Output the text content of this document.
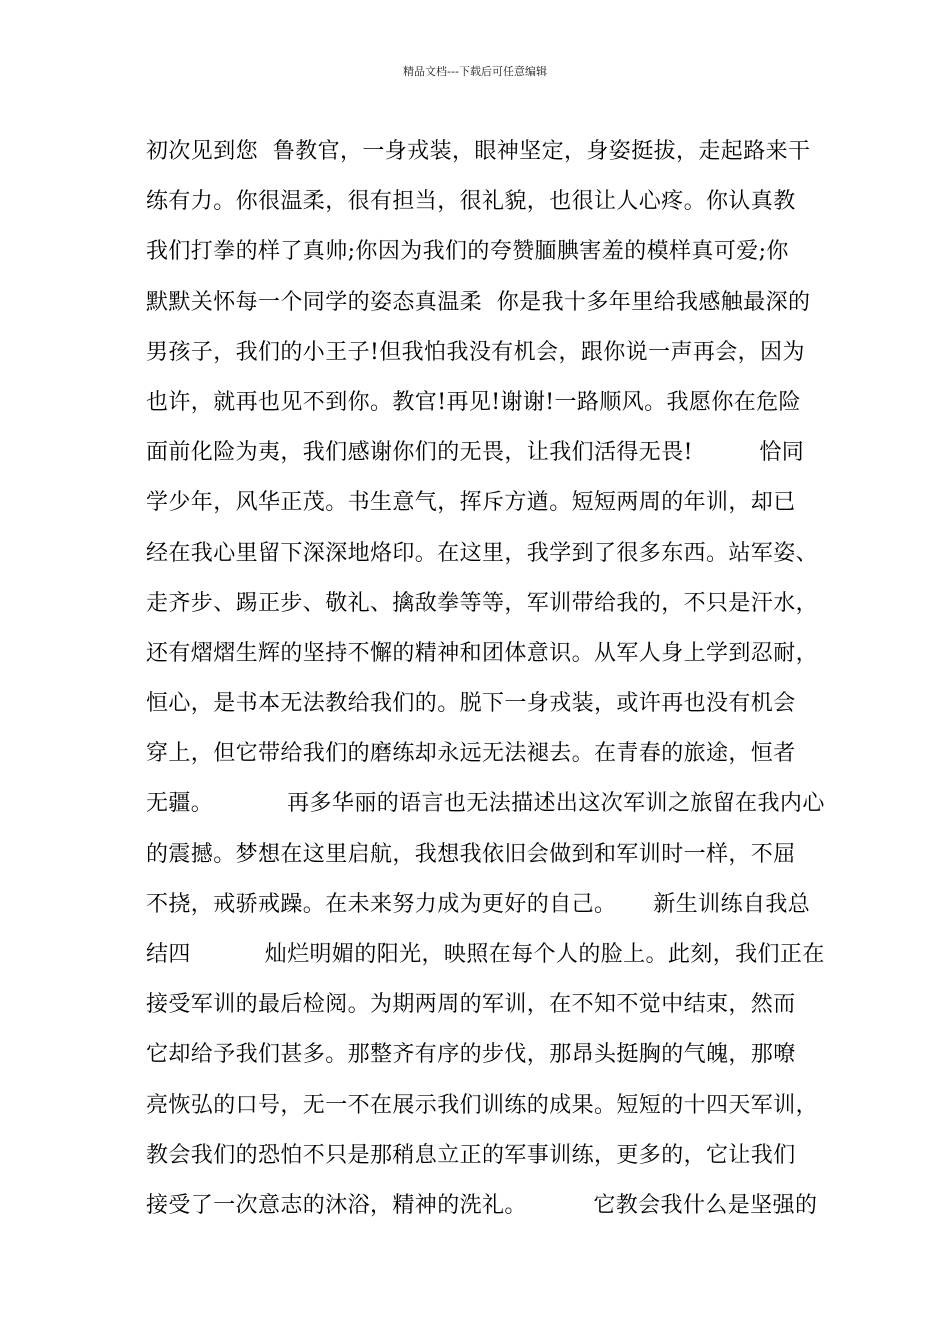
精品文档---下载后可任意编辑
初次见到您  鲁教官，一身戎装，眼神坚定，身姿挺拔，走起路来干
练有力。你很温柔，很有担当，很礼貌，也很让人心疼。你认真教
我们打拳的样了真帅;你因为我们的夸赞腼腆害羞的模样真可爱;你
默默关怀每一个同学的姿态真温柔  你是我十多年里给我感触最深的
男孩子，我们的小王子!但我怕我没有机会，跟你说一声再会，因为
也许，就再也见不到你。教官!再见!谢谢!一路顺风。我愿你在危险
面前化险为夷，我们感谢你们的无畏，让我们活得无畏!         恰同
学少年，风华正茂。书生意气，挥斥方遒。短短两周的年训，却已
经在我心里留下深深地烙印。在这里，我学到了很多东西。站军姿、
走齐步、踢正步、敬礼、擒敌拳等等，军训带给我的，不只是汗水，
还有熠熠生辉的坚持不懈的精神和团体意识。从军人身上学到忍耐，
恒心，是书本无法教给我们的。脱下一身戎装，或许再也没有机会
穿上，但它带给我们的磨练却永远无法褪去。在青春的旅途，恒者
无疆。          再多华丽的语言也无法描述出这次军训之旅留在我内心
的震撼。梦想在这里启航，我想我依旧会做到和军训时一样，不屈
不挠，戒骄戒躁。在未来努力成为更好的自己。     新生训练自我总
结四          灿烂明媚的阳光，映照在每个人的脸上。此刻，我们正在
接受军训的最后检阅。为期两周的军训，在不知不觉中结束，然而
它却给予我们甚多。那整齐有序的步伐，那昂头挺胸的气魄，那嘹
亮恢弘的口号，无一不在展示我们训练的成果。短短的十四天军训，
教会我们的恐怕不只是那稍息立正的军事训练，更多的，它让我们
接受了一次意志的沐浴，精神的洗礼。         它教会我什么是坚强的
